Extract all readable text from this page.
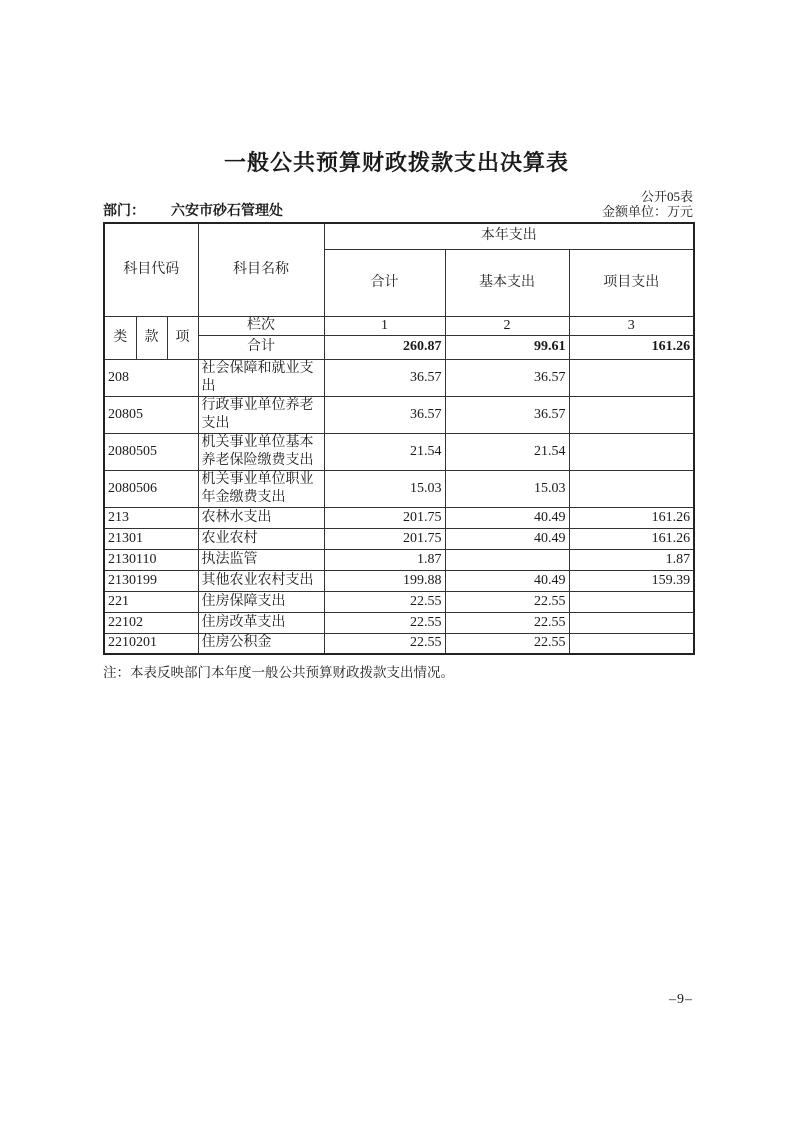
一般公共预算财政拨款支出决算表
公开05表
部门： 六安市砂石管理处	金额单位：万元
科目代码			科目名称	本年支出		
				合计	基本支出	项目支出
类	款	项	栏次	1	2	3
			合计	260.87	99.61	161.26
208			社会保障和就业支出	36.57	36.57	
20805			行政事业单位养老支出	36.57	36.57	
2080505			机关事业单位基本养老保险缴费支出	21.54	21.54	
2080506			机关事业单位职业年金缴费支出	15.03	15.03	
213			农林水支出	201.75	40.49	161.26
21301			农业农村	201.75	40.49	161.26
2130110			执法监管	1.87		1.87
2130199			其他农业农村支出	199.88	40.49	159.39
221			住房保障支出	22.55	22.55	
22102			住房改革支出	22.55	22.55	
2210201			住房公积金	22.55	22.55	
注：本表反映部门本年度一般公共预算财政拨款支出情况。
–9–
